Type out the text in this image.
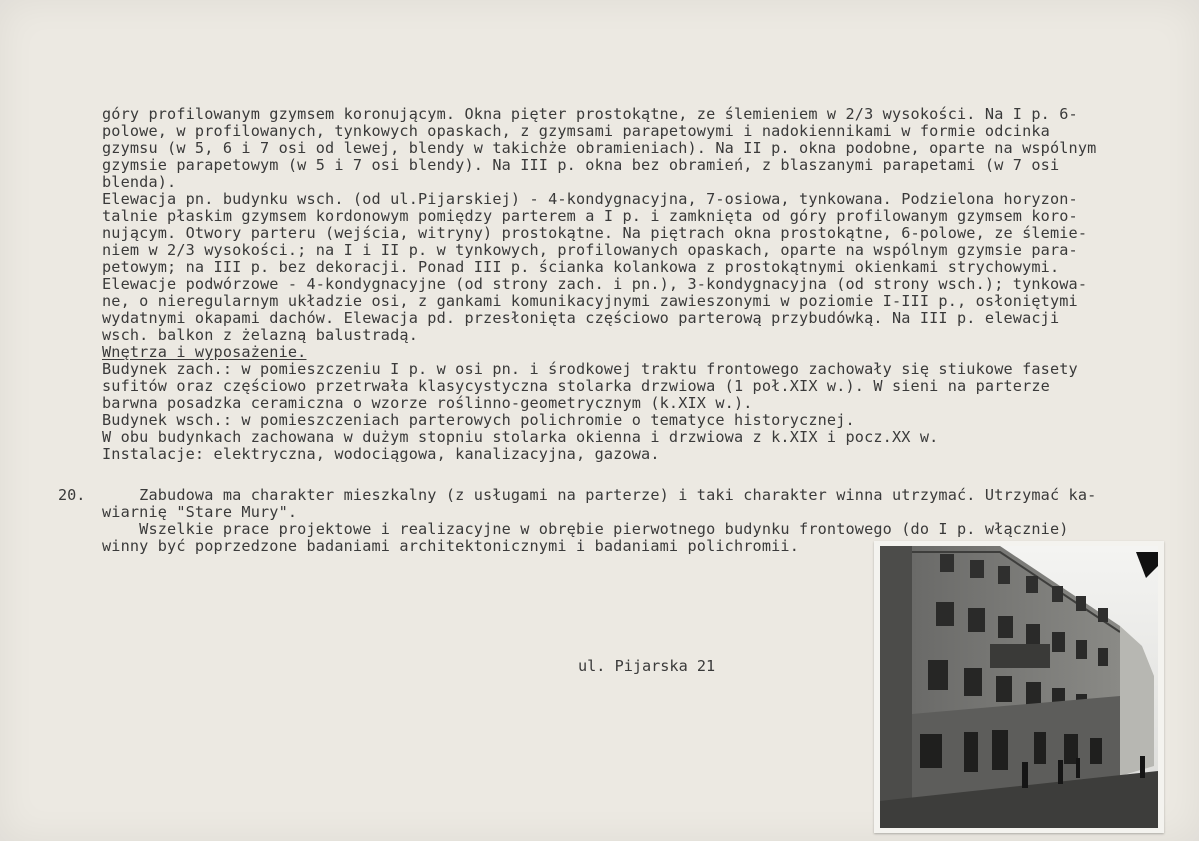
góry profilowanym gzymsem koronującym. Okna pięter prostokątne, ze ślemieniem w 2/3 wysokości. Na I p. 6-
polowe, w profilowanych, tynkowych opaskach, z gzymsami parapetowymi i nadokiennikami w formie odcinka
gzymsu (w 5, 6 i 7 osi od lewej, blendy w takichże obramieniach). Na II p. okna podobne, oparte na wspólnym
gzymsie parapetowym (w 5 i 7 osi blendy). Na III p. okna bez obramień, z blaszanymi parapetami (w 7 osi
blenda).
Elewacja pn. budynku wsch. (od ul.Pijarskiej) - 4-kondygnacyjna, 7-osiowa, tynkowana. Podzielona horyzon-
talnie płaskim gzymsem kordonowym pomiędzy parterem a I p. i zamknięta od góry profilowanym gzymsem koro-
nującym. Otwory parteru (wejścia, witryny) prostokątne. Na piętrach okna prostokątne, 6-polowe, ze ślemie-
niem w 2/3 wysokości.; na I i II p. w tynkowych, profilowanych opaskach, oparte na wspólnym gzymsie para-
petowym; na III p. bez dekoracji. Ponad III p. ścianka kolankowa z prostokątnymi okienkami strychowymi.
Elewacje podwórzowe - 4-kondygnacyjne (od strony zach. i pn.), 3-kondygnacyjna (od strony wsch.); tynkowa-
ne, o nieregularnym układzie osi, z gankami komunikacyjnymi zawieszonymi w poziomie I-III p., osłoniętymi
wydatnymi okapami dachów. Elewacja pd. przesłonięta częściowo parterową przybudówką. Na III p. elewacji
wsch. balkon z żelazną balustradą.
Wnętrza i wyposażenie.
Budynek zach.: w pomieszczeniu I p. w osi pn. i środkowej traktu frontowego zachowały się stiukowe fasety
sufitów oraz częściowo przetrwała klasycystyczna stolarka drzwiowa (1 poł.XIX w.). W sieni na parterze
barwna posadzka ceramiczna o wzorze roślinno-geometrycznym (k.XIX w.).
Budynek wsch.: w pomieszczeniach parterowych polichromie o tematyce historycznej.
W obu budynkach zachowana w dużym stopniu stolarka okienna i drzwiowa z k.XIX i pocz.XX w.
Instalacje: elektryczna, wodociągowa, kanalizacyjna, gazowa.
20. Zabudowa ma charakter mieszkalny (z usługami na parterze) i taki charakter winna utrzymać. Utrzymać ka-
wiarnię "Stare Mury".
Wszelkie prace projektowe i realizacyjne w obrębie pierwotnego budynku frontowego (do I p. włącznie)
winny być poprzedzone badaniami architektonicznymi i badaniami polichromii.
ul. Pijarska 21
